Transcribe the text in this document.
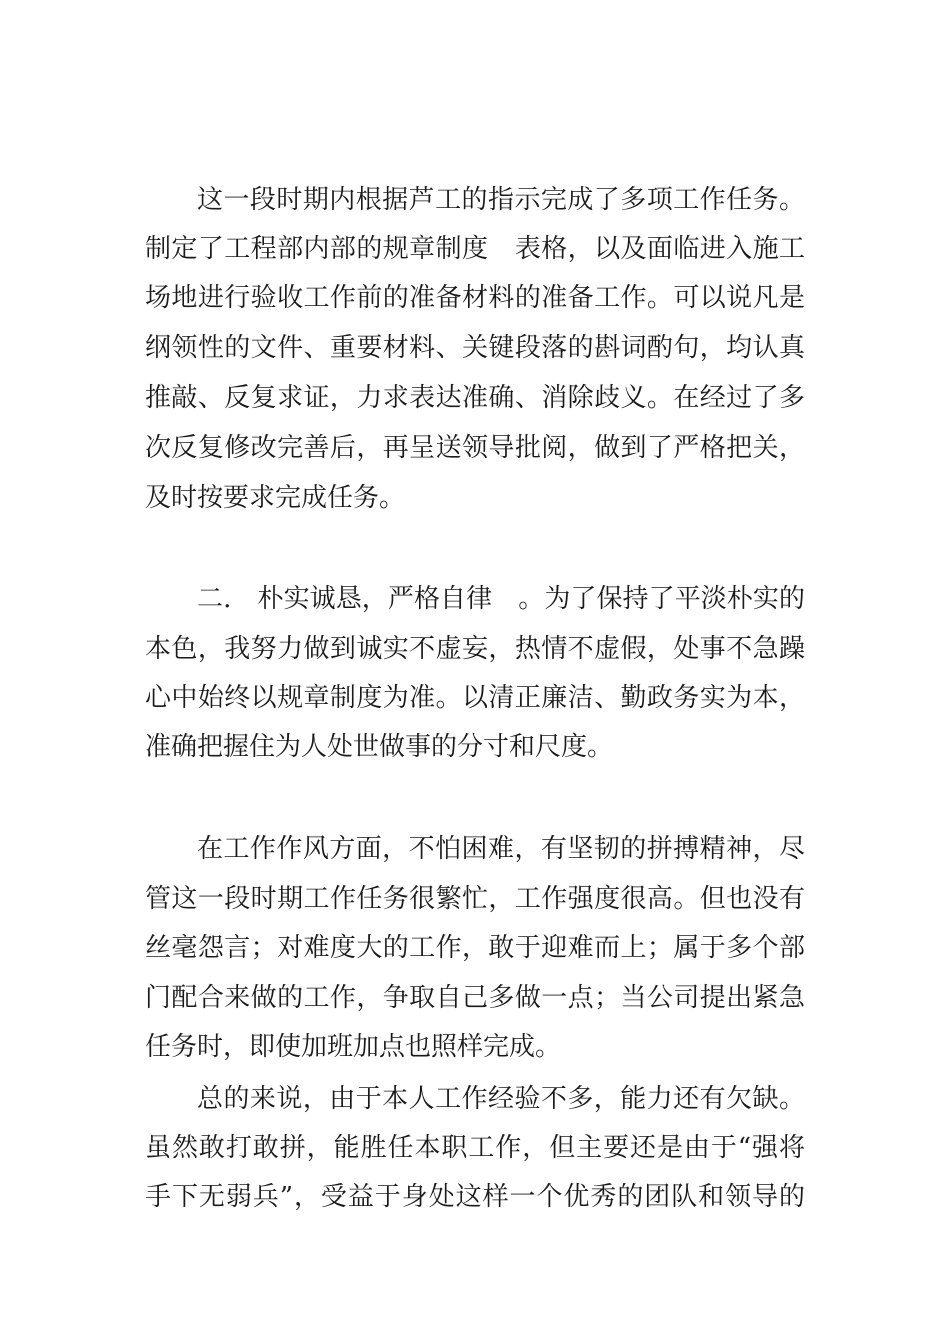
这一段时期内根据芦工的指示完成了多项工作任务。

制定了工程部内部的规章制度　表格，以及面临进入施工

场地进行验收工作前的准备材料的准备工作。可以说凡是

纲领性的文件、重要材料、关键段落的斟词酌句，均认真

推敲、反复求证，力求表达准确、消除歧义。在经过了多

次反复修改完善后，再呈送领导批阅，做到了严格把关，

及时按要求完成任务。

二.　朴实诚恳，严格自律　。为了保持了平淡朴实的

本色，我努力做到诚实不虚妄，热情不虚假，处事不急躁

心中始终以规章制度为准。以清正廉洁、勤政务实为本，

准确把握住为人处世做事的分寸和尺度。

在工作作风方面，不怕困难，有坚韧的拼搏精神，尽

管这一段时期工作任务很繁忙，工作强度很高。但也没有

丝毫怨言；对难度大的工作，敢于迎难而上；属于多个部

门配合来做的工作，争取自己多做一点；当公司提出紧急

任务时，即使加班加点也照样完成。

总的来说，由于本人工作经验不多，能力还有欠缺。

虽然敢打敢拼，能胜任本职工作，但主要还是由于“强将

手下无弱兵”，受益于身处这样一个优秀的团队和领导的
